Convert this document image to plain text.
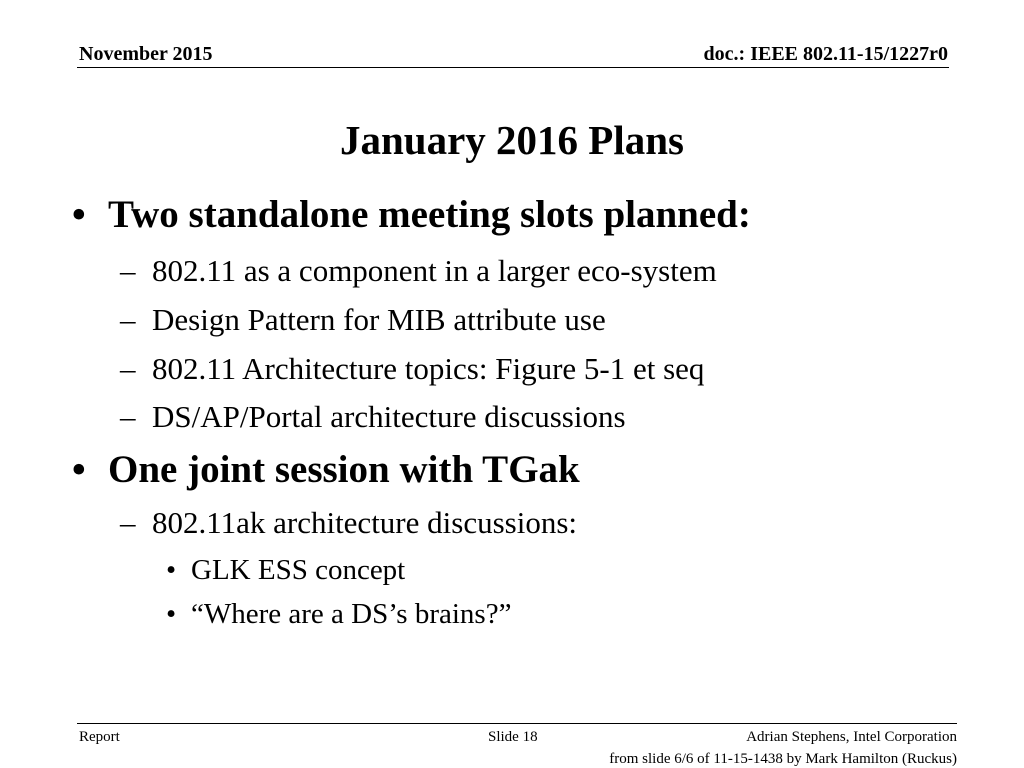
November 2015	doc.: IEEE 802.11-15/1227r0
January 2016 Plans
• Two standalone meeting slots planned:
– 802.11 as a component in a larger eco-system
– Design Pattern for MIB attribute use
– 802.11 Architecture topics: Figure 5-1 et seq
– DS/AP/Portal architecture discussions
• One joint session with TGak
– 802.11ak architecture discussions:
• GLK ESS concept
• “Where are a DS’s brains?”
Report	Slide 18	Adrian Stephens, Intel Corporation
from slide 6/6 of 11-15-1438 by Mark Hamilton (Ruckus)
